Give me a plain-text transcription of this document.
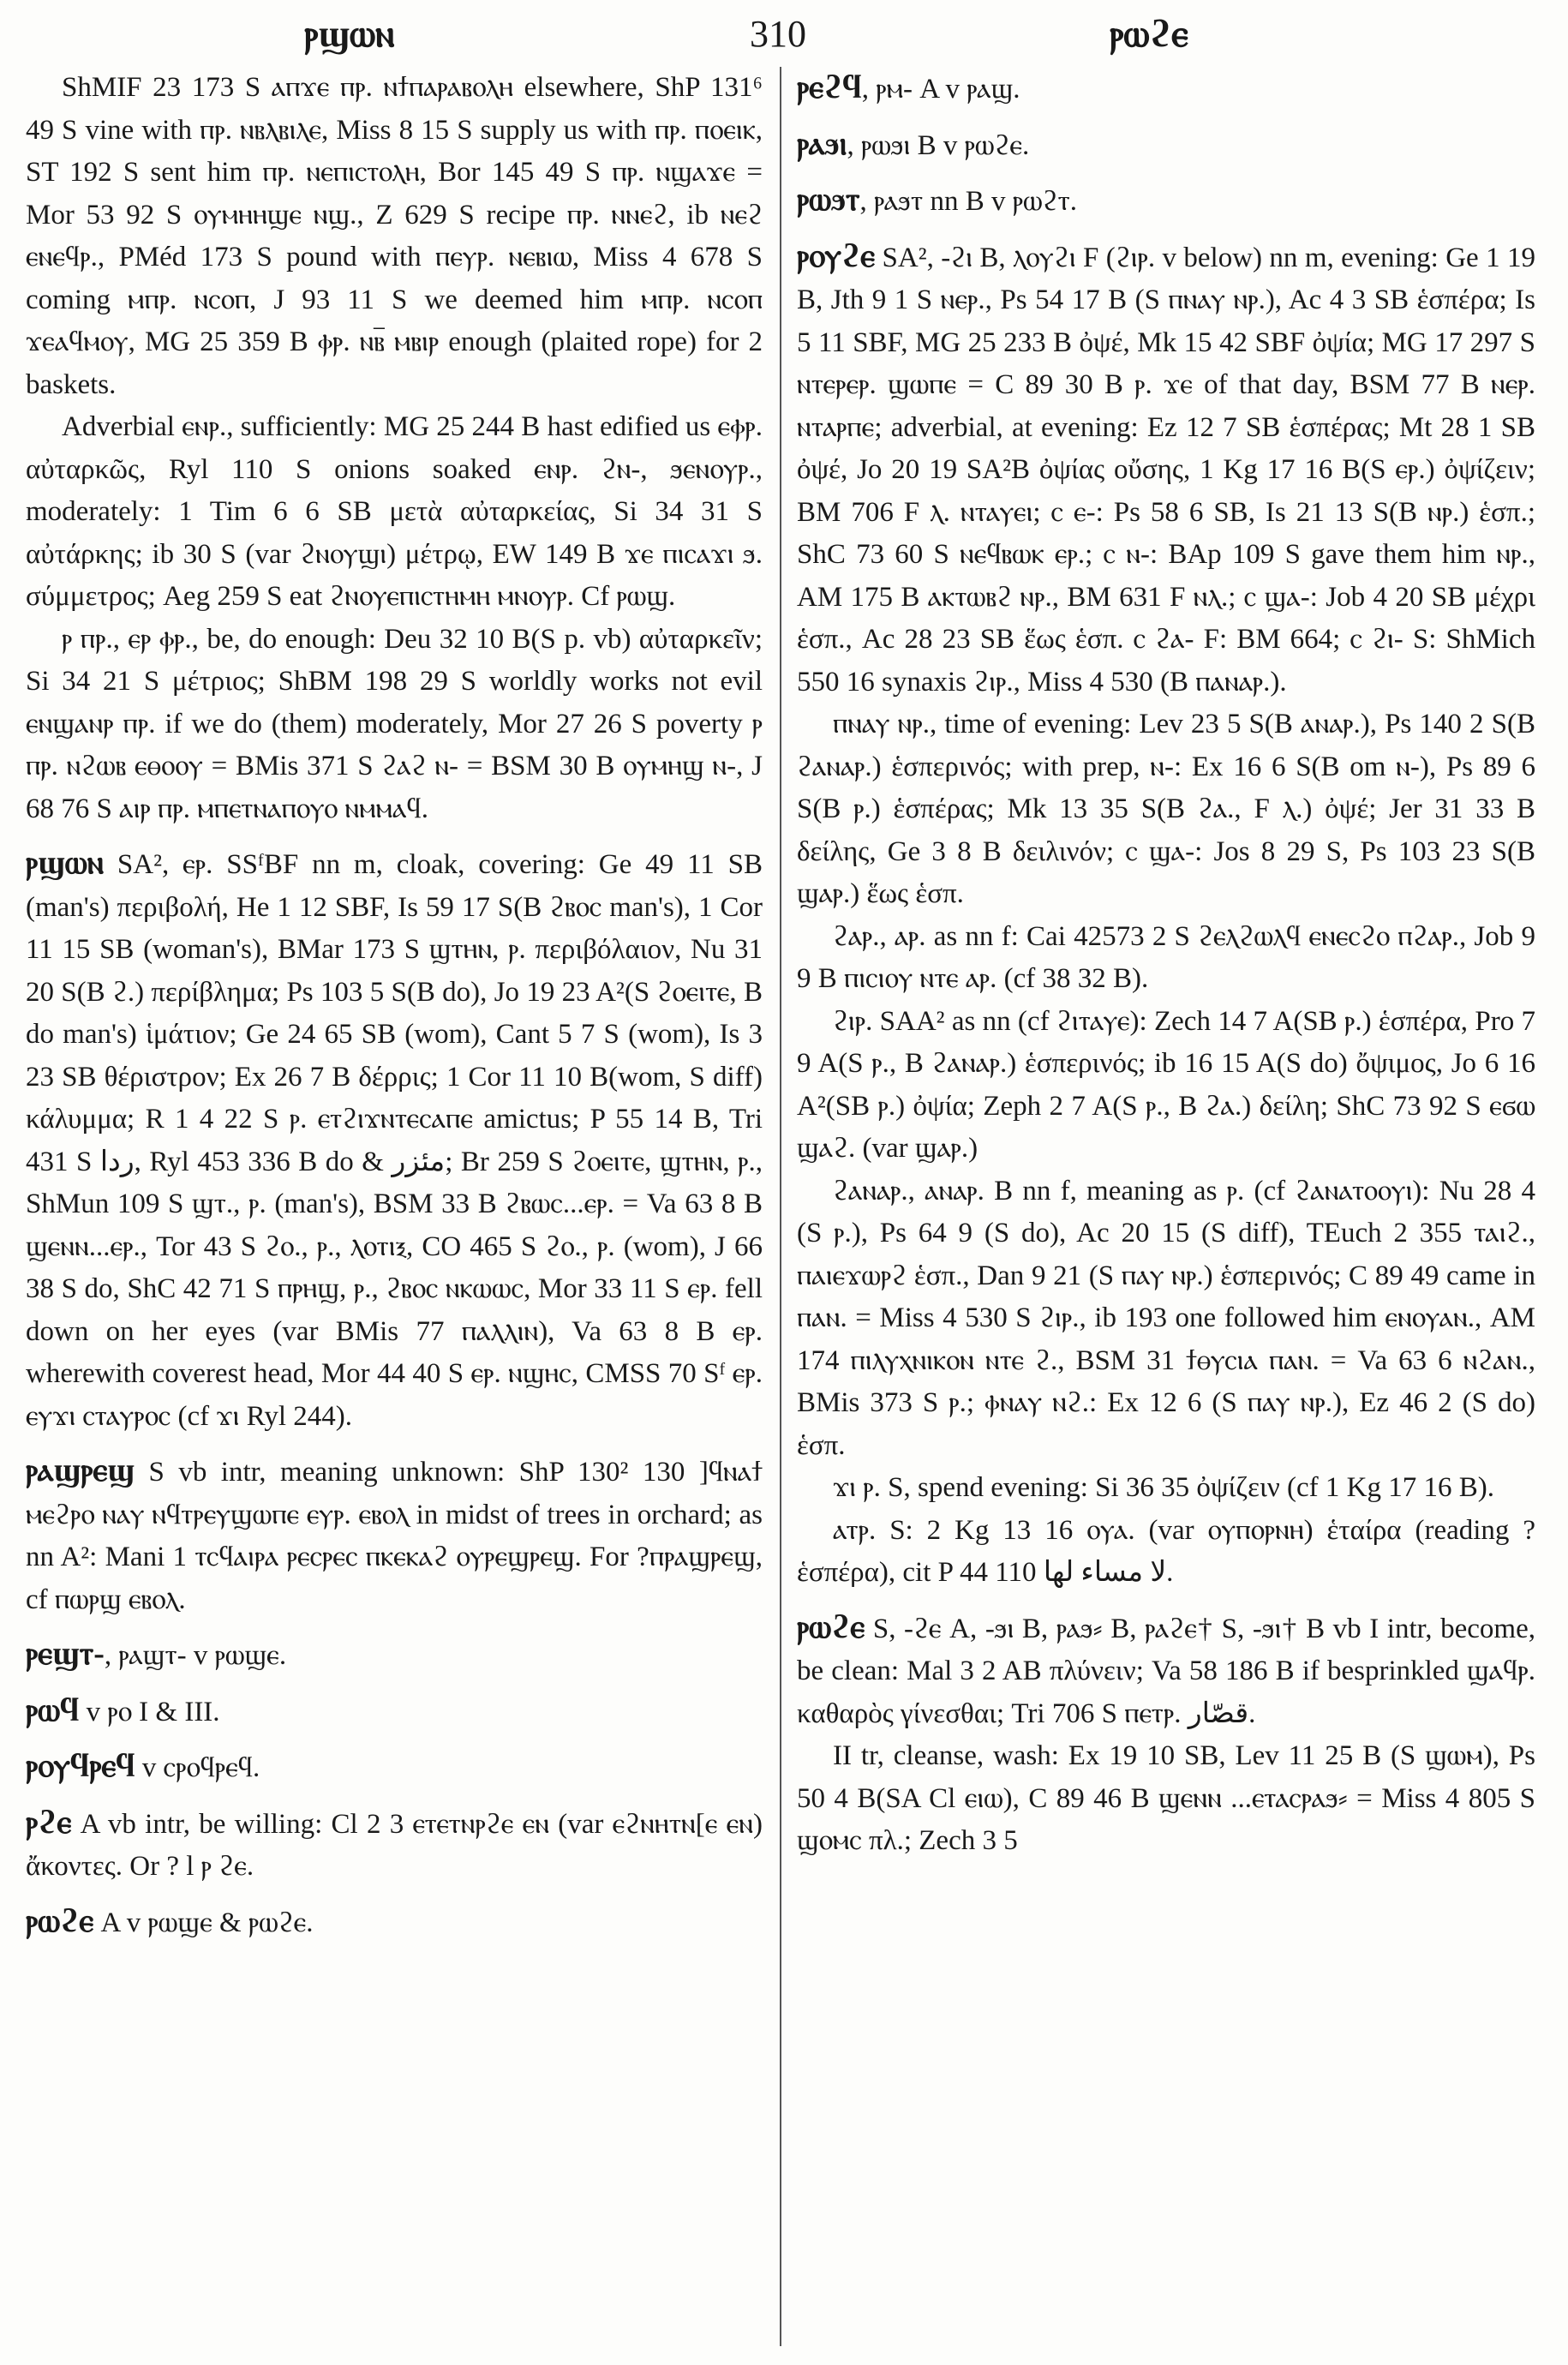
ⲣϣⲱⲛ	310	ⲣⲱϩⲉ

ShMIF 23 173 S ⲁⲡϫⲉ ⲡⲣ. ⲛϯⲡⲁⲣⲁⲃⲟⲗⲏ elsewhere, ShP 131⁶ 49 S vine with ⲡⲣ. ⲛⲃⲗⲃⲓⲗⲉ, Miss 8 15 S supply us with ⲡⲣ. ⲡⲟⲉⲓⲕ, ST 192 S sent him ⲡⲣ. ⲛⲉⲡⲓⲥⲧⲟⲗⲏ, Bor 145 49 S ⲡⲣ. ⲛϣⲁϫⲉ = Mor 53 92 S ⲟⲩⲙⲏⲏϣⲉ ⲛϣ., Z 629 S recipe ⲡⲣ. ⲛⲛⲉϩ, ib ⲛⲉϩ ⲉⲛⲉϥⲣ., PMéd 173 S pound with ⲡⲉⲩⲣ. ⲛⲉⲃⲓⲱ, Miss 4 678 S coming ⲙⲡⲣ. ⲛⲥⲟⲡ, J 93 11 S we deemed him ⲙⲡⲣ. ⲛⲥⲟⲡ ϫⲉⲁϥⲙⲟⲩ, MG 25 359 B ⲫⲣ. ⲛⲃ̅ ⲙⲃⲓⲣ enough (plaited rope) for 2 baskets.

Adverbial ⲉⲛⲣ., sufficiently: MG 25 244 B hast edified us ⲉⲫⲣ. αὐταρκῶς, Ryl 110 S onions soaked ⲉⲛⲣ. ϩⲛ-, ϧⲉⲛⲟⲩⲣ., moderately: 1 Tim 6 6 SB μετὰ αὐταρκείας, Si 34 31 S αὐτάρκης; ib 30 S (var ϩⲛⲟⲩϣⲓ) μέτρῳ, EW 149 B ϫⲉ ⲡⲓⲥⲁϫⲓ ϧ. σύμμετρος; Aeg 259 S eat ϩⲛⲟⲩⲉⲡⲓⲥⲧⲏⲙⲏ ⲙⲛⲟⲩⲣ. Cf ⲣⲱϣ.

ⲣ ⲡⲣ., ⲉⲣ ⲫⲣ., be, do enough: Deu 32 10 B(S p. vb) αὐταρκεῖν; Si 34 21 S μέτριος; ShBM 198 29 S worldly works not evil ⲉⲛϣⲁⲛⲣ ⲡⲣ. if we do (them) moderately, Mor 27 26 S poverty ⲣ ⲡⲣ. ⲛϩⲱⲃ ⲉⲑⲟⲟⲩ = BMis 371 S ϩⲁϩ ⲛ- = BSM 30 B ⲟⲩⲙⲏϣ ⲛ-, J 68 76 S ⲁⲓⲣ ⲡⲣ. ⲙⲡⲉⲧⲛⲁⲡⲟⲩⲟ ⲛⲙⲙⲁϥ.

ⲣϣⲱⲛ SA², ⲉⲣ. SSᶠBF nn m, cloak, covering: Ge 49 11 SB (man's) περιβολή, He 1 12 SBF, Is 59 17 S(B ϩⲃⲟⲥ man's), 1 Cor 11 15 SB (woman's), BMar 173 S ϣⲧⲏⲛ, ⲣ. περιβόλαιον, Nu 31 20 S(B ϩ.) περίβλημα; Ps 103 5 S(B do), Jo 19 23 A²(S ϩⲟⲉⲓⲧⲉ, B do man's) ἱμάτιον; Ge 24 65 SB (wom), Cant 5 7 S (wom), Is 3 23 SB θέριστρον; Ex 26 7 B δέρρις; 1 Cor 11 10 B(wom, S diff) κάλυμμα; R 1 4 22 S ⲣ. ⲉⲧϩⲓϫⲛⲧⲉⲥⲁⲡⲉ amictus; P 55 14 B, Tri 431 S ردا, Ryl 453 336 B do & مئزر; Br 259 S ϩⲟⲉⲓⲧⲉ, ϣⲧⲏⲛ, ⲣ., ShMun 109 S ϣⲧ., ⲣ. (man's), BSM 33 B ϩⲃⲱⲥ...ⲉⲣ. = Va 63 8 B ϣⲉⲛⲛ...ⲉⲣ., Tor 43 S ϩⲟ., ⲣ., ⲗⲟⲧⲓⲝ, CO 465 S ϩⲟ., ⲣ. (wom), J 66 38 S do, ShC 42 71 S ⲡⲣⲏϣ, ⲣ., ϩⲃⲟⲥ ⲛⲕⲱⲱⲥ, Mor 33 11 S ⲉⲣ. fell down on her eyes (var BMis 77 ⲡⲁⲗⲗⲓⲛ), Va 63 8 B ⲉⲣ. wherewith coverest head, Mor 44 40 S ⲉⲣ. ⲛϣⲏⲥ, CMSS 70 Sᶠ ⲉⲣ. ⲉⲩϫⲓ ⲥⲧⲁⲩⲣⲟⲥ (cf ϫⲓ Ryl 244).

ⲣⲁϣⲣⲉϣ S vb intr, meaning unknown: ShP 130² 130 ]ϥⲛⲁϯ ⲙⲉϩⲣⲟ ⲛⲁⲩ ⲛϥⲧⲣⲉⲩϣⲱⲡⲉ ⲉⲩⲣ. ⲉⲃⲟⲗ in midst of trees in orchard; as nn A²: Mani 1 ⲧⲥϥⲁⲓⲣⲁ ⲣⲉⲥⲣⲉⲥ ⲡⲕⲉⲕⲁϩ ⲟⲩⲣⲉϣⲣⲉϣ. For ?ⲡⲣⲁϣⲣⲉϣ, cf ⲡⲱⲣϣ ⲉⲃⲟⲗ.

ⲣⲉϣⲧ-, ⲣⲁϣⲧ- v ⲣⲱϣⲉ.

ⲣⲱϥ v ⲣⲟ I & III.

ⲣⲟⲩϥⲣⲉϥ v ⲥⲣⲟϥⲣⲉϥ.

ⲣϩⲉ A vb intr, be willing: Cl 2 3 ⲉⲧⲉⲧⲛⲣϩⲉ ⲉⲛ (var ⲉϩⲛⲏⲧⲛ[ⲉ ⲉⲛ) ἄκοντες. Or ? l ⲣ ϩⲉ.

ⲣⲱϩⲉ A v ⲣⲱϣⲉ & ⲣⲱϩⲉ.

ⲣⲉϩϥ, ⲣⲙ- A v ⲣⲁϣ.

ⲣⲁϧⲓ, ⲣⲱϧⲓ B v ⲣⲱϩⲉ.

ⲣⲱϧⲧ, ⲣⲁϧⲧ nn B v ⲣⲱϩⲧ.

ⲣⲟⲩϩⲉ SA², -ϩⲓ B, ⲗⲟⲩϩⲓ F (ϩⲓⲣ. v below) nn m, evening: Ge 1 19 B, Jth 9 1 S ⲛⲉⲣ., Ps 54 17 B (S ⲡⲛⲁⲩ ⲛⲣ.), Ac 4 3 SB ἑσπέρα; Is 5 11 SBF, MG 25 233 B ὀψέ, Mk 15 42 SBF ὀψία; MG 17 297 S ⲛⲧⲉⲣⲉⲣ. ϣⲱⲡⲉ = C 89 30 B ⲣ. ϫⲉ of that day, BSM 77 B ⲛⲉⲣ. ⲛⲧⲁⲣⲡⲉ; adverbial, at evening: Ez 12 7 SB ἑσπέρας; Mt 28 1 SB ὀψέ, Jo 20 19 SA²B ὀψίας οὔσης, 1 Kg 17 16 B(S ⲉⲣ.) ὀψίζειν; BM 706 F ⲗ. ⲛⲧⲁⲩⲉⲓ; ⲥ ⲉ-: Ps 58 6 SB, Is 21 13 S(B ⲛⲣ.) ἑσπ.; ShC 73 60 S ⲛⲉϥⲃⲱⲕ ⲉⲣ.; ⲥ ⲛ-: BAp 109 S gave them him ⲛⲣ., AM 175 B ⲁⲕⲧⲱⲃϩ ⲛⲣ., BM 631 F ⲛⲗ.; ⲥ ϣⲁ-: Job 4 20 SB μέχρι ἑσπ., Ac 28 23 SB ἕως ἑσπ. ⲥ ϩⲁ- F: BM 664; ⲥ ϩⲓ- S: ShMich 550 16 synaxis ϩⲓⲣ., Miss 4 530 (B ⲡⲁⲛⲁⲣ.).

ⲡⲛⲁⲩ ⲛⲣ., time of evening: Lev 23 5 S(B ⲁⲛⲁⲣ.), Ps 140 2 S(B ϩⲁⲛⲁⲣ.) ἑσπερινός; with prep, ⲛ-: Ex 16 6 S(B om ⲛ-), Ps 89 6 S(B ⲣ.) ἑσπέρας; Mk 13 35 S(B ϩⲁ., F ⲗ.) ὀψέ; Jer 31 33 B δείλης, Ge 3 8 B δειλινόν; ⲥ ϣⲁ-: Jos 8 29 S, Ps 103 23 S(B ϣⲁⲣ.) ἕως ἑσπ.

ϩⲁⲣ., ⲁⲣ. as nn f: Cai 42573 2 S ϩⲉⲗϩⲱⲗϥ ⲉⲛⲉⲥϩⲟ ⲡϩⲁⲣ., Job 9 9 B ⲡⲓⲥⲓⲟⲩ ⲛⲧⲉ ⲁⲣ. (cf 38 32 B).

ϩⲓⲣ. SAA² as nn (cf ϩⲓⲧⲁⲩⲉ): Zech 14 7 A(SB ⲣ.) ἑσπέρα, Pro 7 9 A(S ⲣ., B ϩⲁⲛⲁⲣ.) ἑσπερινός; ib 16 15 A(S do) ὄψιμος, Jo 6 16 A²(SB ⲣ.) ὀψία; Zeph 2 7 A(S ⲣ., B ϩⲁ.) δείλη; ShC 73 92 S ⲉϭⲱ ϣⲁϩ. (var ϣⲁⲣ.)

ϩⲁⲛⲁⲣ., ⲁⲛⲁⲣ. B nn f, meaning as ⲣ. (cf ϩⲁⲛⲁⲧⲟⲟⲩⲓ): Nu 28 4 (S ⲣ.), Ps 64 9 (S do), Ac 20 15 (S diff), TEuch 2 355 ⲧⲁⲓϩ., ⲡⲁⲓⲉϫⲱⲣϩ ἑσπ., Dan 9 21 (S ⲡⲁⲩ ⲛⲣ.) ἑσπερινός; C 89 49 came in ⲡⲁⲛ. = Miss 4 530 S ϩⲓⲣ., ib 193 one followed him ⲉⲛⲟⲩⲁⲛ., AM 174 ⲡⲓⲗⲩⲭⲛⲓⲕⲟⲛ ⲛⲧⲉ ϩ., BSM 31 ϯⲑⲩⲥⲓⲁ ⲡⲁⲛ. = Va 63 6 ⲛϩⲁⲛ., BMis 373 S ⲣ.; ⲫⲛⲁⲩ ⲛϩ.: Ex 12 6 (S ⲡⲁⲩ ⲛⲣ.), Ez 46 2 (S do) ἑσπ.

ϫⲓ ⲣ. S, spend evening: Si 36 35 ὀψίζειν (cf 1 Kg 17 16 B).

ⲁⲧⲣ. S: 2 Kg 13 16 ⲟⲩⲁ. (var ⲟⲩⲡⲟⲣⲛⲏ) ἑταίρα (reading ? ἑσπέρα), cit P 44 110 لا مساء لها.

ⲣⲱϩⲉ S, -ϩⲉ A, -ϧⲓ B, ⲣⲁϧ⸗ B, ⲣⲁϩⲉ† S, -ϧⲓ† B vb I intr, become, be clean: Mal 3 2 AB πλύνειν; Va 58 186 B if besprinkled ϣⲁϥⲣ. καθαρὸς γίνεσθαι; Tri 706 S ⲡⲉⲧⲣ. قصّار.

II tr, cleanse, wash: Ex 19 10 SB, Lev 11 25 B (S ϣⲱⲙ), Ps 50 4 B(SA Cl ⲉⲓⲱ), C 89 46 B ϣⲉⲛⲛ ...ⲉⲧⲁⲥⲣⲁϧ⸗ = Miss 4 805 S ϣⲟⲙⲥ πλ.; Zech 3 5
